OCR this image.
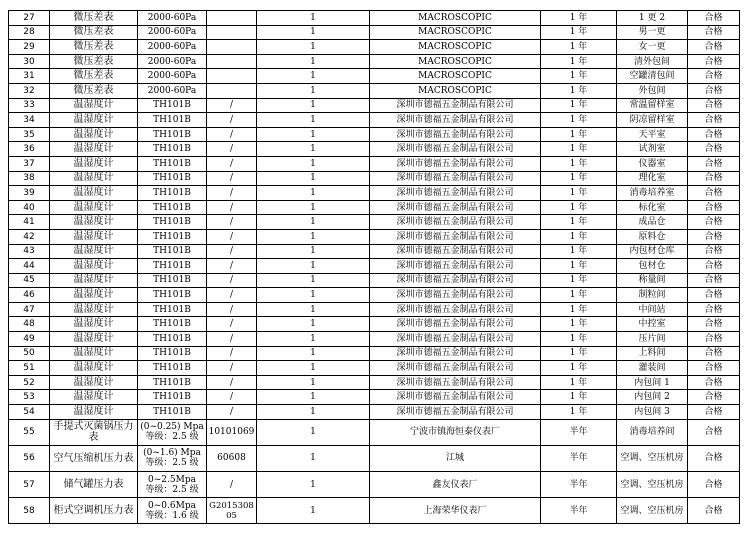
27	微压差表	2000-60Pa		1	MACROSCOPIC	1 年	1 更 2	合格
28	微压差表	2000-60Pa		1	MACROSCOPIC	1 年	男一更	合格
29	微压差表	2000-60Pa		1	MACROSCOPIC	1 年	女一更	合格
30	微压差表	2000-60Pa		1	MACROSCOPIC	1 年	清外包间	合格
31	微压差表	2000-60Pa		1	MACROSCOPIC	1 年	空罐清包间	合格
32	微压差表	2000-60Pa		1	MACROSCOPIC	1 年	外包间	合格
33	温湿度计	TH101B	/	1	深圳市德福五金制品有限公司	1 年	常温留样室	合格
34	温湿度计	TH101B	/	1	深圳市德福五金制品有限公司	1 年	阴凉留样室	合格
35	温湿度计	TH101B	/	1	深圳市德福五金制品有限公司	1 年	天平室	合格
36	温湿度计	TH101B	/	1	深圳市德福五金制品有限公司	1 年	试剂室	合格
37	温湿度计	TH101B	/	1	深圳市德福五金制品有限公司	1 年	仪器室	合格
38	温湿度计	TH101B	/	1	深圳市德福五金制品有限公司	1 年	理化室	合格
39	温湿度计	TH101B	/	1	深圳市德福五金制品有限公司	1 年	消毒培养室	合格
40	温湿度计	TH101B	/	1	深圳市德福五金制品有限公司	1 年	标化室	合格
41	温湿度计	TH101B	/	1	深圳市德福五金制品有限公司	1 年	成品仓	合格
42	温湿度计	TH101B	/	1	深圳市德福五金制品有限公司	1 年	原料仓	合格
43	温湿度计	TH101B	/	1	深圳市德福五金制品有限公司	1 年	内包材仓库	合格
44	温湿度计	TH101B	/	1	深圳市德福五金制品有限公司	1 年	包材仓	合格
45	温湿度计	TH101B	/	1	深圳市德福五金制品有限公司	1 年	称量间	合格
46	温湿度计	TH101B	/	1	深圳市德福五金制品有限公司	1 年	制粒间	合格
47	温湿度计	TH101B	/	1	深圳市德福五金制品有限公司	1 年	中间站	合格
48	温湿度计	TH101B	/	1	深圳市德福五金制品有限公司	1 年	中控室	合格
49	温湿度计	TH101B	/	1	深圳市德福五金制品有限公司	1 年	压片间	合格
50	温湿度计	TH101B	/	1	深圳市德福五金制品有限公司	1 年	上料间	合格
51	温湿度计	TH101B	/	1	深圳市德福五金制品有限公司	1 年	灌装间	合格
52	温湿度计	TH101B	/	1	深圳市德福五金制品有限公司	1 年	内包间 1	合格
53	温湿度计	TH101B	/	1	深圳市德福五金制品有限公司	1 年	内包间 2	合格
54	温湿度计	TH101B	/	1	深圳市德福五金制品有限公司	1 年	内包间 3	合格
55	手提式灭菌锅压力表	(0~0.25) Mpa
等级：2.5 级	10101069	1	宁波市镇海恒泰仪表厂	半年	消毒培养间	合格
56	空气压缩机压力表	(0~1.6) Mpa
等级：2.5 级	60608	1	江城	半年	空调、空压机房	合格
57	储气罐压力表	0~2.5Mpa
等级：2.5 级	/	1	鑫友仪表厂	半年	空调、空压机房	合格
58	柜式空调机压力表	0~0.6Mpa
等级：1.6 级	G2015308 05	1	上海荣华仪表厂	半年	空调、空压机房	合格
